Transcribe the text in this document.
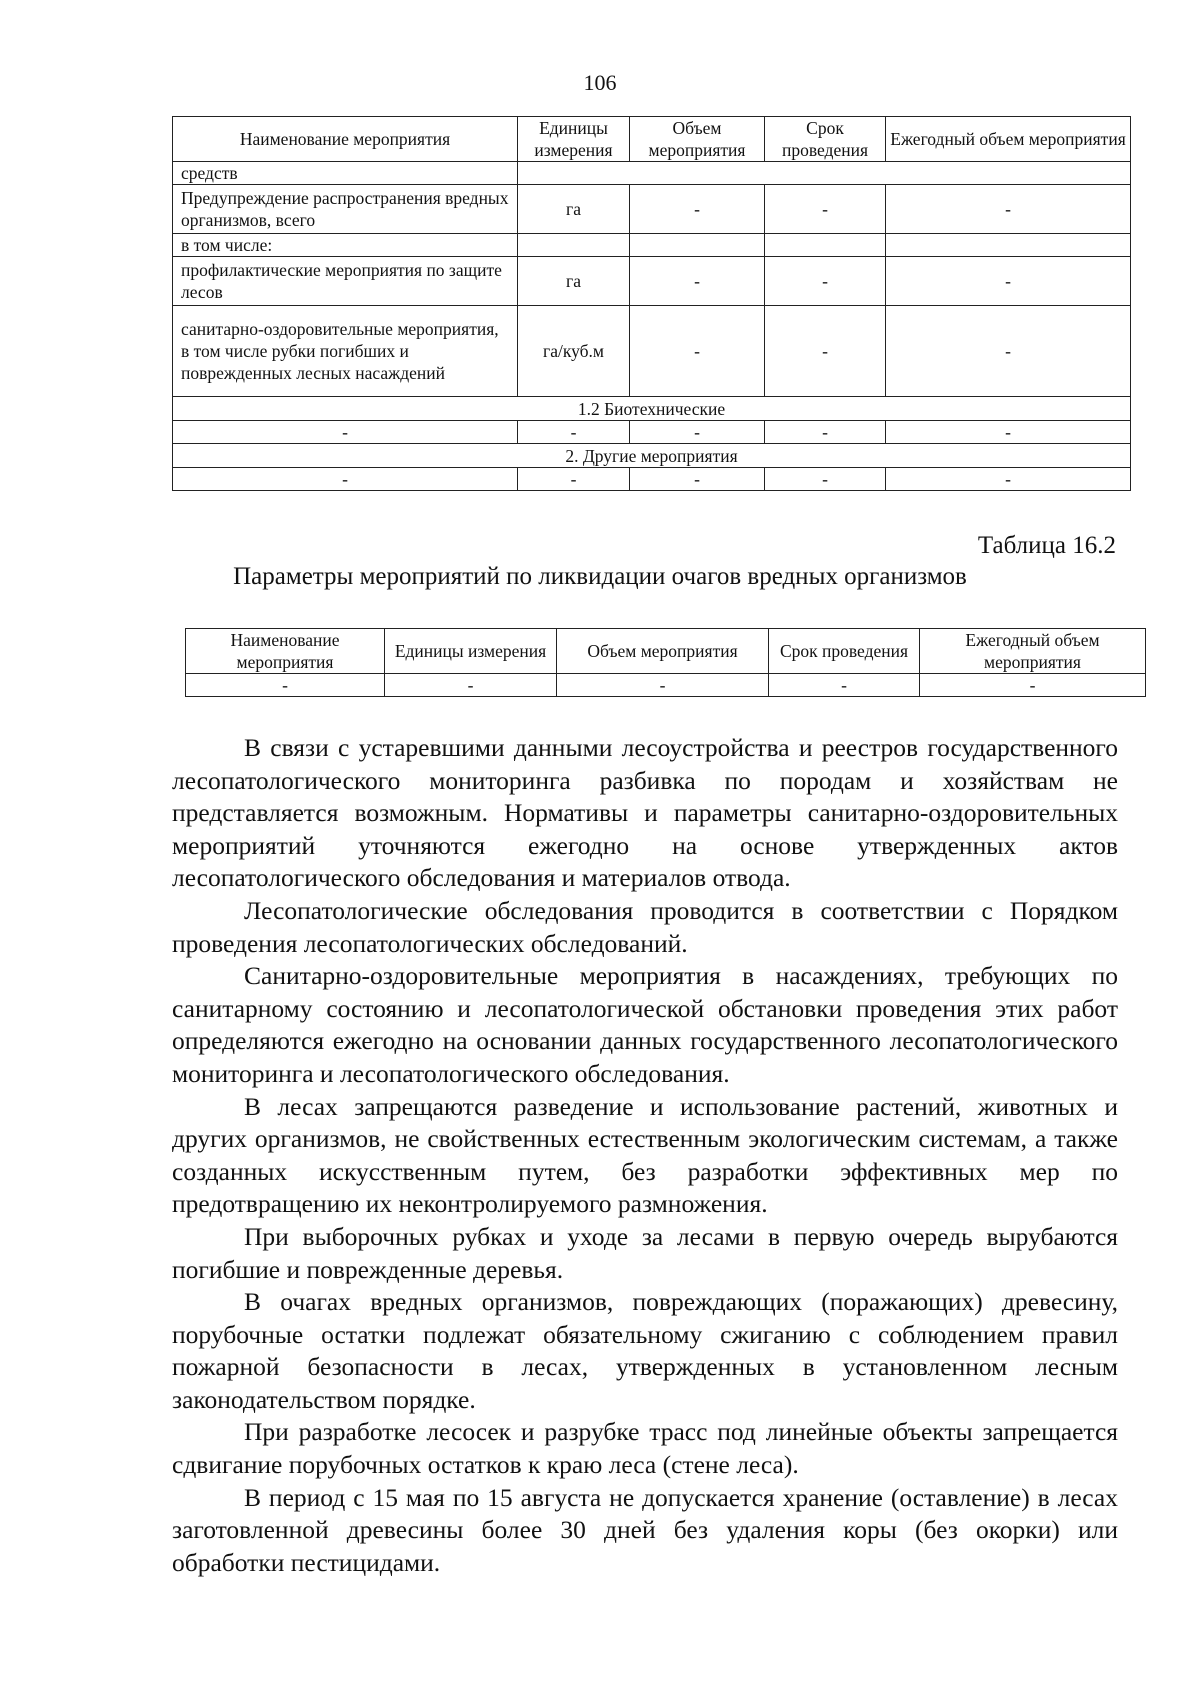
106
Наименование мероприятия	Единицы измерения	Объем мероприятия	Срок проведения	Ежегодный объем мероприятия
средств				
Предупреждение распространения вредных организмов, всего	га	-	-	-
в том числе:				
профилактические мероприятия по защите лесов	га	-	-	-
санитарно-оздоровительные мероприятия, в том числе рубки погибших и поврежденных лесных насаждений	га/куб.м	-	-	-
1.2 Биотехнические				
-	-	-	-	-
2. Другие мероприятия				
-	-	-	-	-
Таблица 16.2
Параметры мероприятий по ликвидации очагов вредных организмов
Наименование мероприятия	Единицы измерения	Объем мероприятия	Срок проведения	Ежегодный объем мероприятия
-	-	-	-	-

В связи с устаревшими данными лесоустройства и реестров государственного лесопатологического мониторинга разбивка по породам и хозяйствам не представляется возможным. Нормативы и параметры санитарно-оздоровительных мероприятий уточняются ежегодно на основе утвержденных актов лесопатологического обследования и материалов отвода.

Лесопатологические обследования проводится в соответствии с Порядком проведения лесопатологических обследований.

Санитарно-оздоровительные мероприятия в насаждениях, требующих по санитарному состоянию и лесопатологической обстановки проведения этих работ определяются ежегодно на основании данных государственного лесопатологического мониторинга и лесопатологического обследования.

В лесах запрещаются разведение и использование растений, животных и других организмов, не свойственных естественным экологическим системам, а также созданных искусственным путем, без разработки эффективных мер по предотвращению их неконтролируемого размножения.

При выборочных рубках и уходе за лесами в первую очередь вырубаются погибшие и поврежденные деревья.

В очагах вредных организмов, повреждающих (поражающих) древесину, порубочные остатки подлежат обязательному сжиганию с соблюдением правил пожарной безопасности в лесах, утвержденных в установленном лесным законодательством порядке.

При разработке лесосек и разрубке трасс под линейные объекты запрещается сдвигание порубочных остатков к краю леса (стене леса).

В период с 15 мая по 15 августа не допускается хранение (оставление) в лесах заготовленной древесины более 30 дней без удаления коры (без окорки) или обработки пестицидами.
